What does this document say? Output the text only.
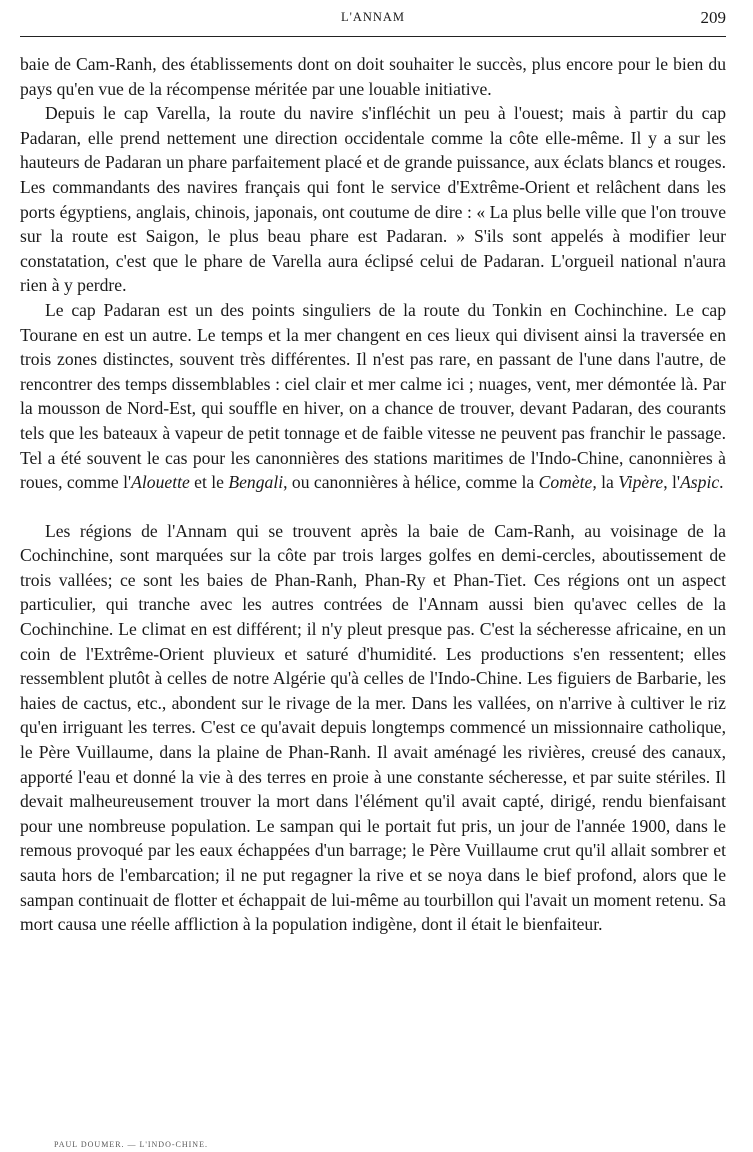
L'ANNAM	209

baie de Cam-Ranh, des établissements dont on doit souhaiter le succès, plus encore pour le bien du pays qu'en vue de la récompense méritée par une louable initiative.

Depuis le cap Varella, la route du navire s'infléchit un peu à l'ouest; mais à partir du cap Padaran, elle prend nettement une direction occidentale comme la côte elle-même. Il y a sur les hauteurs de Padaran un phare parfaitement placé et de grande puissance, aux éclats blancs et rouges. Les commandants des navires français qui font le service d'Extrême-Orient et relâchent dans les ports égyptiens, anglais, chinois, japonais, ont coutume de dire : « La plus belle ville que l'on trouve sur la route est Saigon, le plus beau phare est Padaran. » S'ils sont appelés à modifier leur constatation, c'est que le phare de Varella aura éclipsé celui de Padaran. L'orgueil national n'aura rien à y perdre.

Le cap Padaran est un des points singuliers de la route du Tonkin en Cochinchine. Le cap Tourane en est un autre. Le temps et la mer changent en ces lieux qui divisent ainsi la traversée en trois zones distinctes, souvent très différentes. Il n'est pas rare, en passant de l'une dans l'autre, de rencontrer des temps dissemblables : ciel clair et mer calme ici ; nuages, vent, mer démontée là. Par la mousson de Nord-Est, qui souffle en hiver, on a chance de trouver, devant Padaran, des courants tels que les bateaux à vapeur de petit tonnage et de faible vitesse ne peuvent pas franchir le passage. Tel a été souvent le cas pour les canonnières des stations maritimes de l'Indo-Chine, canonnières à roues, comme l'Alouette et le Bengali, ou canonnières à hélice, comme la Comète, la Vipère, l'Aspic.

Les régions de l'Annam qui se trouvent après la baie de Cam-Ranh, au voisinage de la Cochinchine, sont marquées sur la côte par trois larges golfes en demi-cercles, aboutissement de trois vallées; ce sont les baies de Phan-Ranh, Phan-Ry et Phan-Tiet. Ces régions ont un aspect particulier, qui tranche avec les autres contrées de l'Annam aussi bien qu'avec celles de la Cochinchine. Le climat en est différent; il n'y pleut presque pas. C'est la sécheresse africaine, en un coin de l'Extrême-Orient pluvieux et saturé d'humidité. Les productions s'en ressentent; elles ressemblent plutôt à celles de notre Algérie qu'à celles de l'Indo-Chine. Les figuiers de Barbarie, les haies de cactus, etc., abondent sur le rivage de la mer. Dans les vallées, on n'arrive à cultiver le riz qu'en irriguant les terres. C'est ce qu'avait depuis longtemps commencé un missionnaire catholique, le Père Vuillaume, dans la plaine de Phan-Ranh. Il avait aménagé les rivières, creusé des canaux, apporté l'eau et donné la vie à des terres en proie à une constante sécheresse, et par suite stériles. Il devait malheureusement trouver la mort dans l'élément qu'il avait capté, dirigé, rendu bienfaisant pour une nombreuse population. Le sampan qui le portait fut pris, un jour de l'année 1900, dans le remous provoqué par les eaux échappées d'un barrage; le Père Vuillaume crut qu'il allait sombrer et sauta hors de l'embarcation; il ne put regagner la rive et se noya dans le bief profond, alors que le sampan continuait de flotter et échappait de lui-même au tourbillon qui l'avait un moment retenu. Sa mort causa une réelle affliction à la population indigène, dont il était le bienfaiteur.

PAUL DOUMER. — L'INDO-CHINE.
